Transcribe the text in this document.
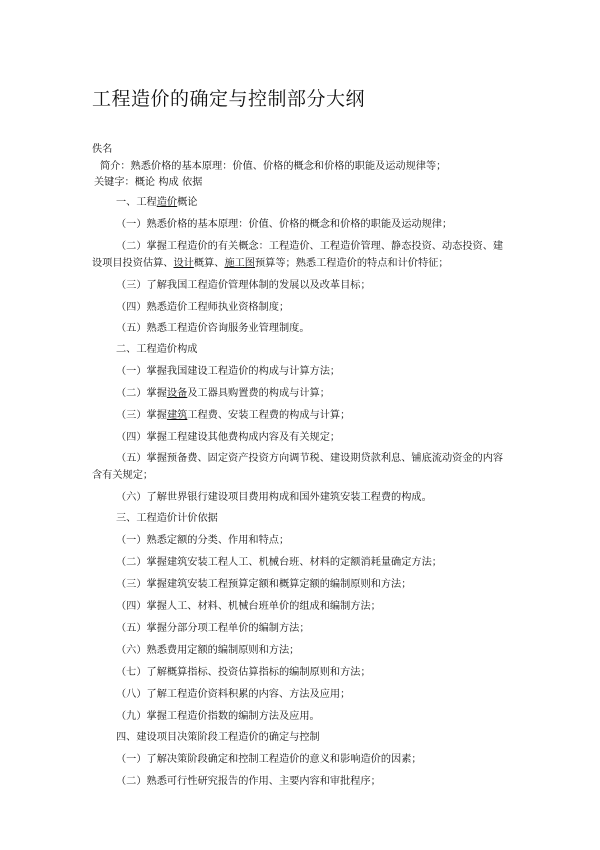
工程造价的确定与控制部分大纲
佚名
简介：熟悉价格的基本原理：价值、价格的概念和价格的职能及运动规律等；
关键字：概论 构成 依据
一、工程造价概论
（一）熟悉价格的基本原理：价值、价格的概念和价格的职能及运动规律；
（二）掌握工程造价的有关概念：工程造价、工程造价管理、静态投资、动态投资、建
设项目投资估算、设计概算、施工图预算等；熟悉工程造价的特点和计价特征；
（三）了解我国工程造价管理体制的发展以及改革目标；
（四）熟悉造价工程师执业资格制度；
（五）熟悉工程造价咨询服务业管理制度。
二、工程造价构成
（一）掌握我国建设工程造价的构成与计算方法；
（二）掌握设备及工器具购置费的构成与计算；
（三）掌握建筑工程费、安装工程费的构成与计算；
（四）掌握工程建设其他费构成内容及有关规定；
（五）掌握预备费、固定资产投资方向调节税、建设期贷款利息、铺底流动资金的内容
含有关规定；
（六）了解世界银行建设项目费用构成和国外建筑安装工程费的构成。
三、工程造价计价依据
（一）熟悉定额的分类、作用和特点；
（二）掌握建筑安装工程人工、机械台班、材料的定额消耗量确定方法；
（三）掌握建筑安装工程预算定额和概算定额的编制原则和方法；
（四）掌握人工、材料、机械台班单价的组成和编制方法；
（五）掌握分部分项工程单价的编制方法；
（六）熟悉费用定额的编制原则和方法；
（七）了解概算指标、投资估算指标的编制原则和方法；
（八）了解工程造价资料积累的内容、方法及应用；
（九）掌握工程造价指数的编制方法及应用。
四、建设项目决策阶段工程造价的确定与控制
（一）了解决策阶段确定和控制工程造价的意义和影响造价的因素；
（二）熟悉可行性研究报告的作用、主要内容和审批程序；
